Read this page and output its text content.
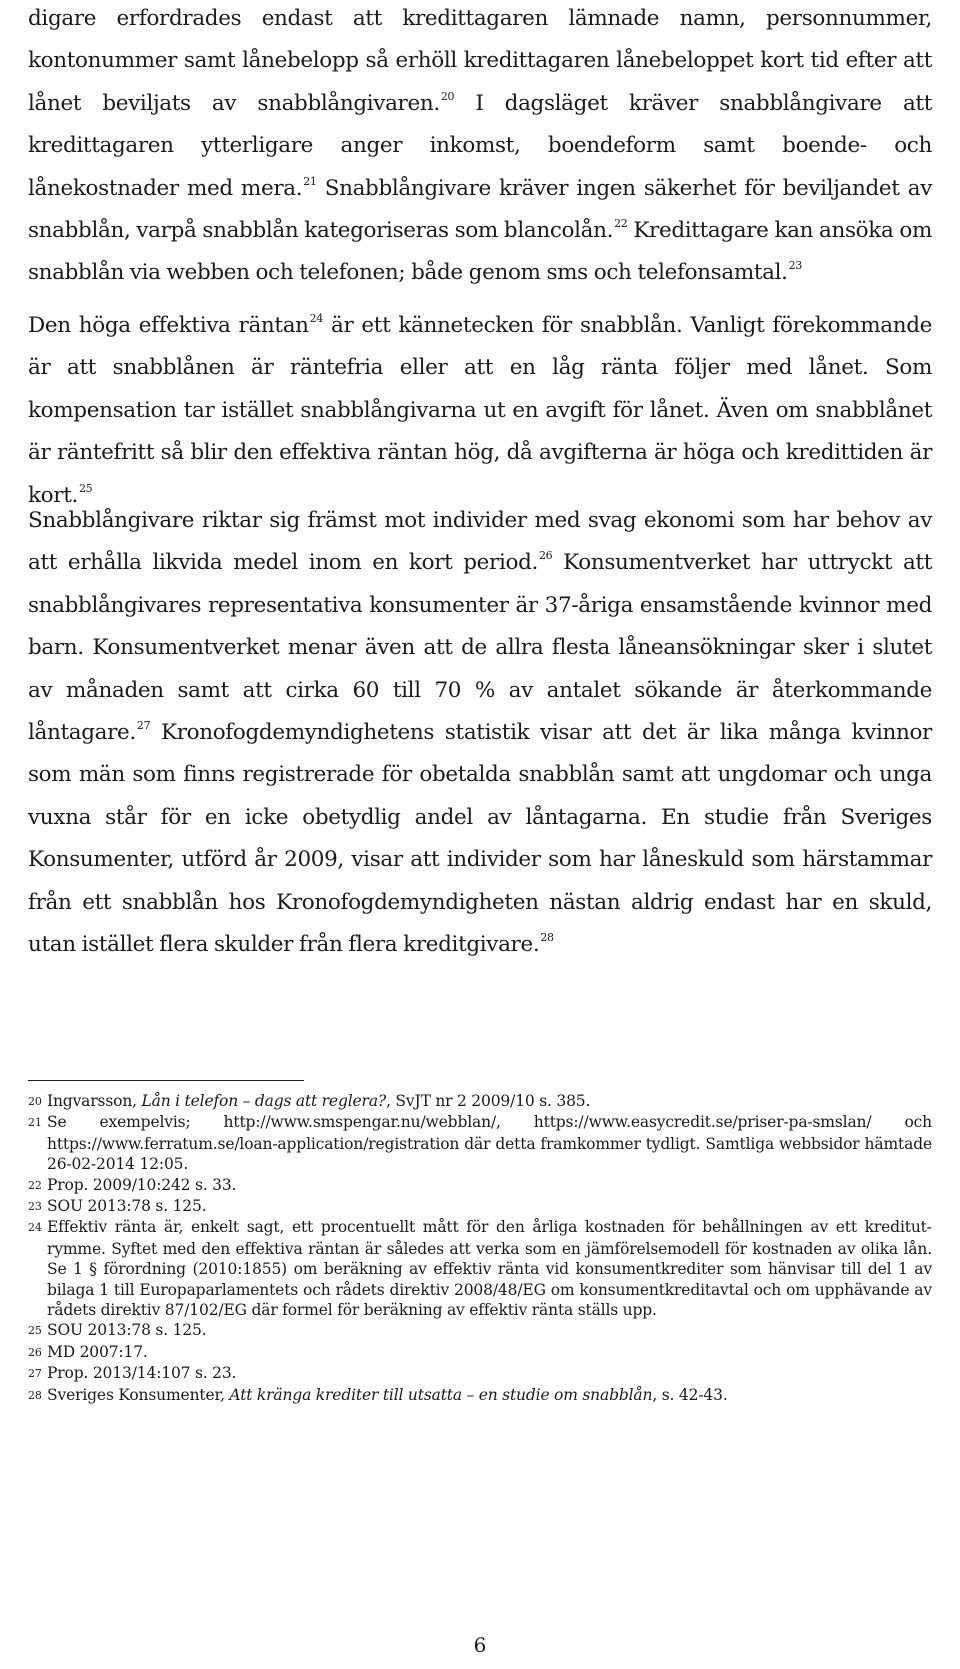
digare erfordrades endast att kredittagaren lämnade namn, personnummer, kontonummer samt lånebelopp så erhöll kredittagaren lånebeloppet kort tid efter att lånet beviljats av snabblångivaren.$^{20}$ I dagsläget kräver snabblångivare att kredittagaren ytterligare anger inkomst, boendeform samt boende- och lånekostnader med mera.$^{21}$ Snabblångivare kräver ingen säkerhet för beviljandet av snabblån, varpå snabblån kategoriseras som blancolån.$^{22}$ Kredittagare kan ansöka om snabblån via webben och telefonen; både genom sms och telefonsamtal.$^{23}$

Den höga effektiva räntan$^{24}$ är ett kännetecken för snabblån. Vanligt förekommande är att snabblånen är räntefria eller att en låg ränta följer med lånet. Som kompensation tar istället snabblångivarna ut en avgift för lånet. Även om snabblånet är räntefritt så blir den effektiva räntan hög, då avgifterna är höga och kredittiden är kort.$^{25}$

Snabblångivare riktar sig främst mot individer med svag ekonomi som har behov av att erhålla likvida medel inom en kort period.$^{26}$ Konsumentverket har uttryckt att snabblångivares representativa konsumenter är 37-åriga ensamstående kvinnor med barn. Konsumentverket menar även att de allra flesta låneansökningar sker i slutet av månaden samt att cirka 60 till 70 % av antalet sökande är återkommande låntagare.$^{27}$ Kronofogdemyndighetens statistik visar att det är lika många kvinnor som män som finns registrerade för obetalda snabblån samt att ungdomar och unga vuxna står för en icke obetydlig andel av låntagarna. En studie från Sveriges Konsumenter, utförd år 2009, visar att individer som har låneskuld som härstammar från ett snabblån hos Kronofogdemyndigheten nästan aldrig endast har en skuld, utan istället flera skulder från flera kreditgivare.$^{28}$

20 Ingvarsson, Lån i telefon – dags att reglera?, SvJT nr 2 2009/10 s. 385.

21 Se exempelvis; http://www.smspengar.nu/webblan/, https://www.easycredit.se/priser-pa-smslan/ och https://www.ferratum.se/loan-application/registration där detta framkommer tydligt. Samtliga webbsidor hämtade 26-02-2014 12:05.

22 Prop. 2009/10:242 s. 33.

23 SOU 2013:78 s. 125.

24 Effektiv ränta är, enkelt sagt, ett procentuellt mått för den årliga kostnaden för behållningen av ett kreditutrymme. Syftet med den effektiva räntan är således att verka som en jämförelsemodell för kostnaden av olika lån. Se 1 § förordning (2010:1855) om beräkning av effektiv ränta vid konsumentkrediter som hänvisar till del 1 av bilaga 1 till Europaparlamentets och rådets direktiv 2008/48/EG om konsumentkreditavtal och om upphävande av rådets direktiv 87/102/EG där formel för beräkning av effektiv ränta ställs upp.

25 SOU 2013:78 s. 125.

26 MD 2007:17.

27 Prop. 2013/14:107 s. 23.

28 Sveriges Konsumenter, Att kränga krediter till utsatta – en studie om snabblån, s. 42-43.

6
